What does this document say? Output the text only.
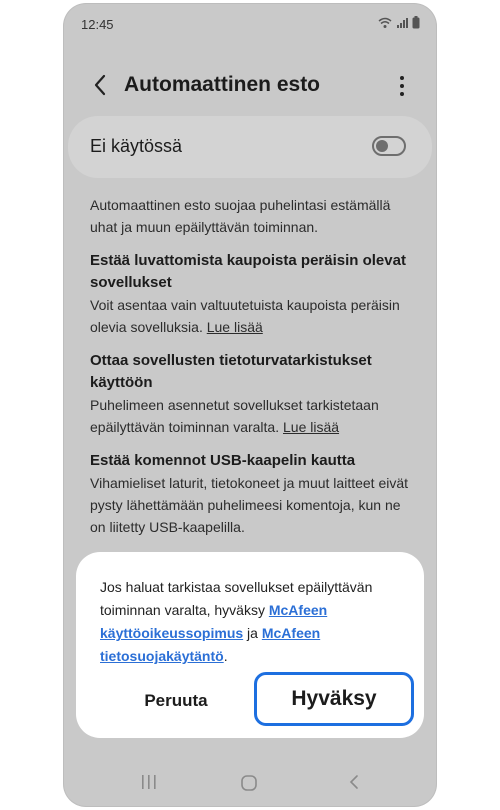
12:45
Automaattinen esto
Ei käytössä

Automaattinen esto suojaa puhelintasi estämällä uhat ja muun epäilyttävän toiminnan.

Estää luvattomista kaupoista peräisin olevat sovellukset

Voit asentaa vain valtuutetuista kaupoista peräisin olevia sovelluksia. Lue lisää

Ottaa sovellusten tietoturvatarkistukset käyttöön

Puhelimeen asennetut sovellukset tarkistetaan epäilyttävän toiminnan varalta. Lue lisää

Estää komennot USB-kaapelin kautta

Vihamieliset laturit, tietokoneet ja muut laitteet eivät pysty lähettämään puhelimeesi komentoja, kun ne on liitetty USB-kaapelilla.

Jos haluat tarkistaa sovellukset epäilyttävän toiminnan varalta, hyväksy McAfeen käyttöoikeussopimus ja McAfeen tietosuojakäytäntö.
Peruuta	Hyväksy
